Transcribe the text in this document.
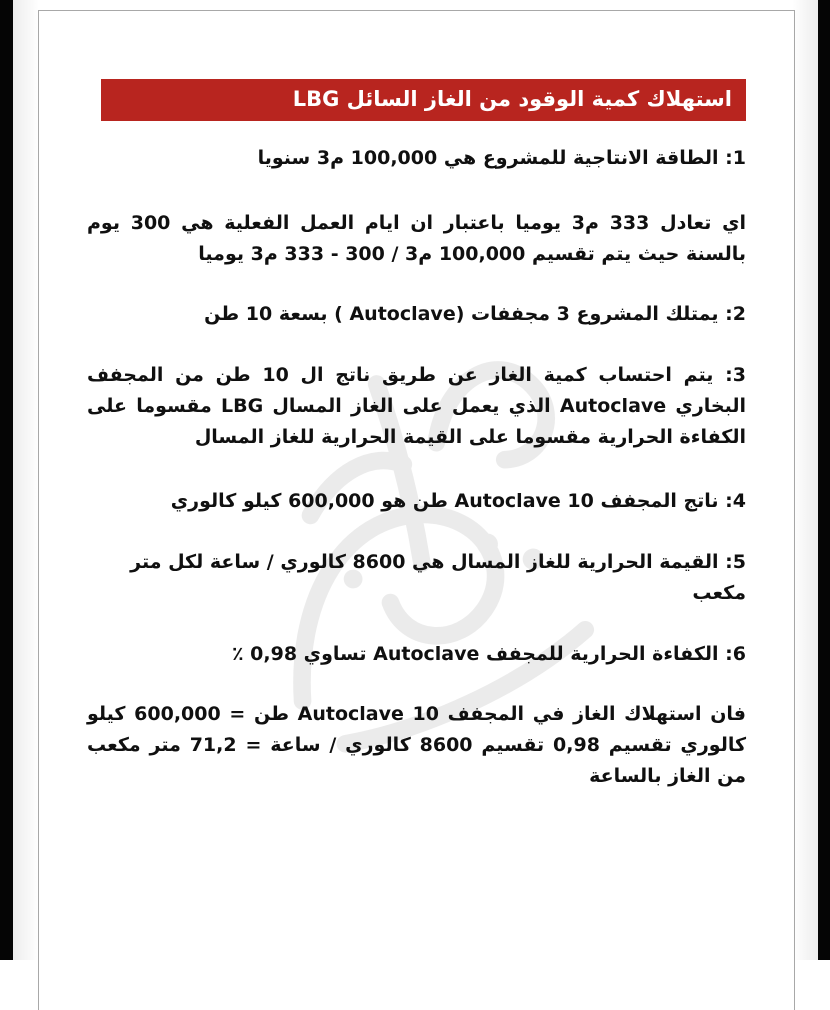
استهلاك كمية الوقود من الغاز السائل LBG

1: الطاقة الانتاجية للمشروع هي 100,000 م3 سنويا

اي تعادل 333 م3 يوميا باعتبار ان ايام العمل الفعلية هي 300 يوم بالسنة حيث يتم تقسيم 100,000 م3 / 300 - 333 م3 يوميا

2: يمتلك المشروع 3 مجففات (Autoclave ) بسعة 10 طن

3: يتم احتساب كمية الغاز عن طريق ناتج ال 10 طن من المجفف البخاري Autoclave الذي يعمل على الغاز المسال LBG مقسوما على الكفاءة الحرارية مقسوما على القيمة الحرارية للغاز المسال

4: ناتج المجفف Autoclave 10 طن هو 600,000 كيلو كالوري

5: القيمة الحرارية للغاز المسال هي 8600 كالوري / ساعة لكل متر مكعب

6: الكفاءة الحرارية للمجفف Autoclave تساوي 0,98 ٪

فان استهلاك الغاز في المجفف Autoclave 10 طن = 600,000 كيلو كالوري تقسيم 0,98 تقسيم 8600 كالوري / ساعة = 71,2 متر مكعب من الغاز بالساعة
